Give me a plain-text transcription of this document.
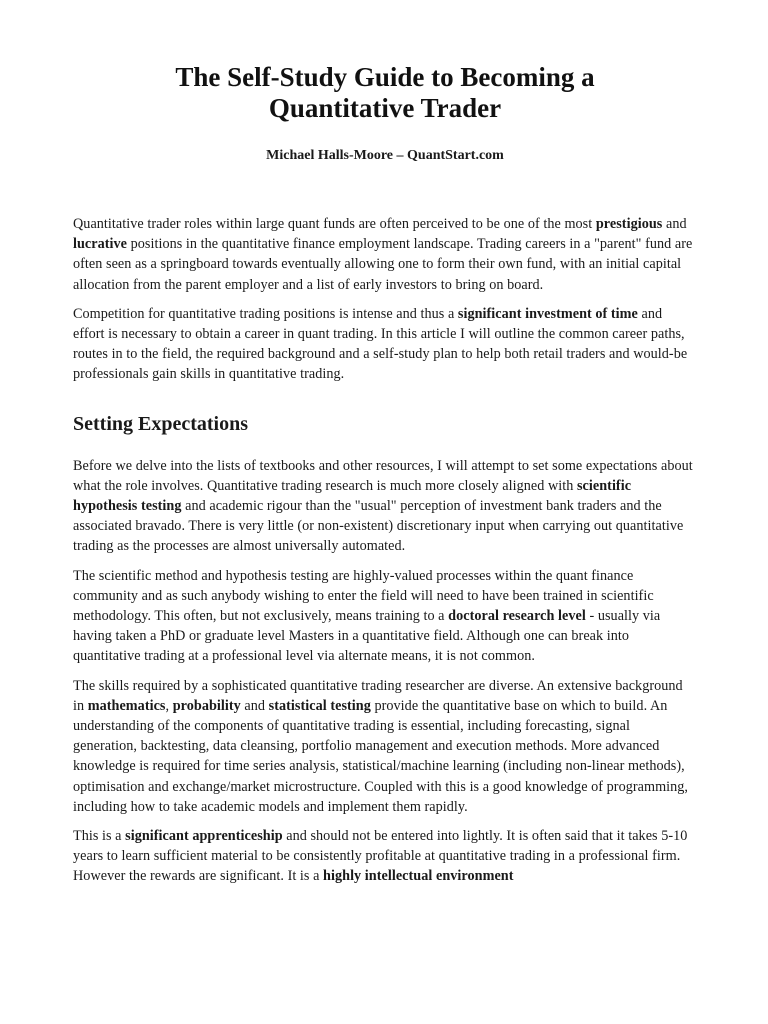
The Self-Study Guide to Becoming a
Quantitative Trader

Michael Halls-Moore – QuantStart.com

Quantitative trader roles within large quant funds are often perceived to be one of the most prestigious and lucrative positions in the quantitative finance employment landscape. Trading careers in a "parent" fund are often seen as a springboard towards eventually allowing one to form their own fund, with an initial capital allocation from the parent employer and a list of early investors to bring on board.

Competition for quantitative trading positions is intense and thus a significant investment of time and effort is necessary to obtain a career in quant trading. In this article I will outline the common career paths, routes in to the field, the required background and a self-study plan to help both retail traders and would-be professionals gain skills in quantitative trading.

Setting Expectations

Before we delve into the lists of textbooks and other resources, I will attempt to set some expectations about what the role involves. Quantitative trading research is much more closely aligned with scientific hypothesis testing and academic rigour than the "usual" perception of investment bank traders and the associated bravado. There is very little (or non-existent) discretionary input when carrying out quantitative trading as the processes are almost universally automated.

The scientific method and hypothesis testing are highly-valued processes within the quant finance community and as such anybody wishing to enter the field will need to have been trained in scientific methodology. This often, but not exclusively, means training to a doctoral research level - usually via having taken a PhD or graduate level Masters in a quantitative field. Although one can break into quantitative trading at a professional level via alternate means, it is not common.

The skills required by a sophisticated quantitative trading researcher are diverse. An extensive background in mathematics, probability and statistical testing provide the quantitative base on which to build. An understanding of the components of quantitative trading is essential, including forecasting, signal generation, backtesting, data cleansing, portfolio management and execution methods. More advanced knowledge is required for time series analysis, statistical/machine learning (including non-linear methods), optimisation and exchange/market microstructure. Coupled with this is a good knowledge of programming, including how to take academic models and implement them rapidly.

This is a significant apprenticeship and should not be entered into lightly. It is often said that it takes 5-10 years to learn sufficient material to be consistently profitable at quantitative trading in a professional firm. However the rewards are significant. It is a highly intellectual environment
